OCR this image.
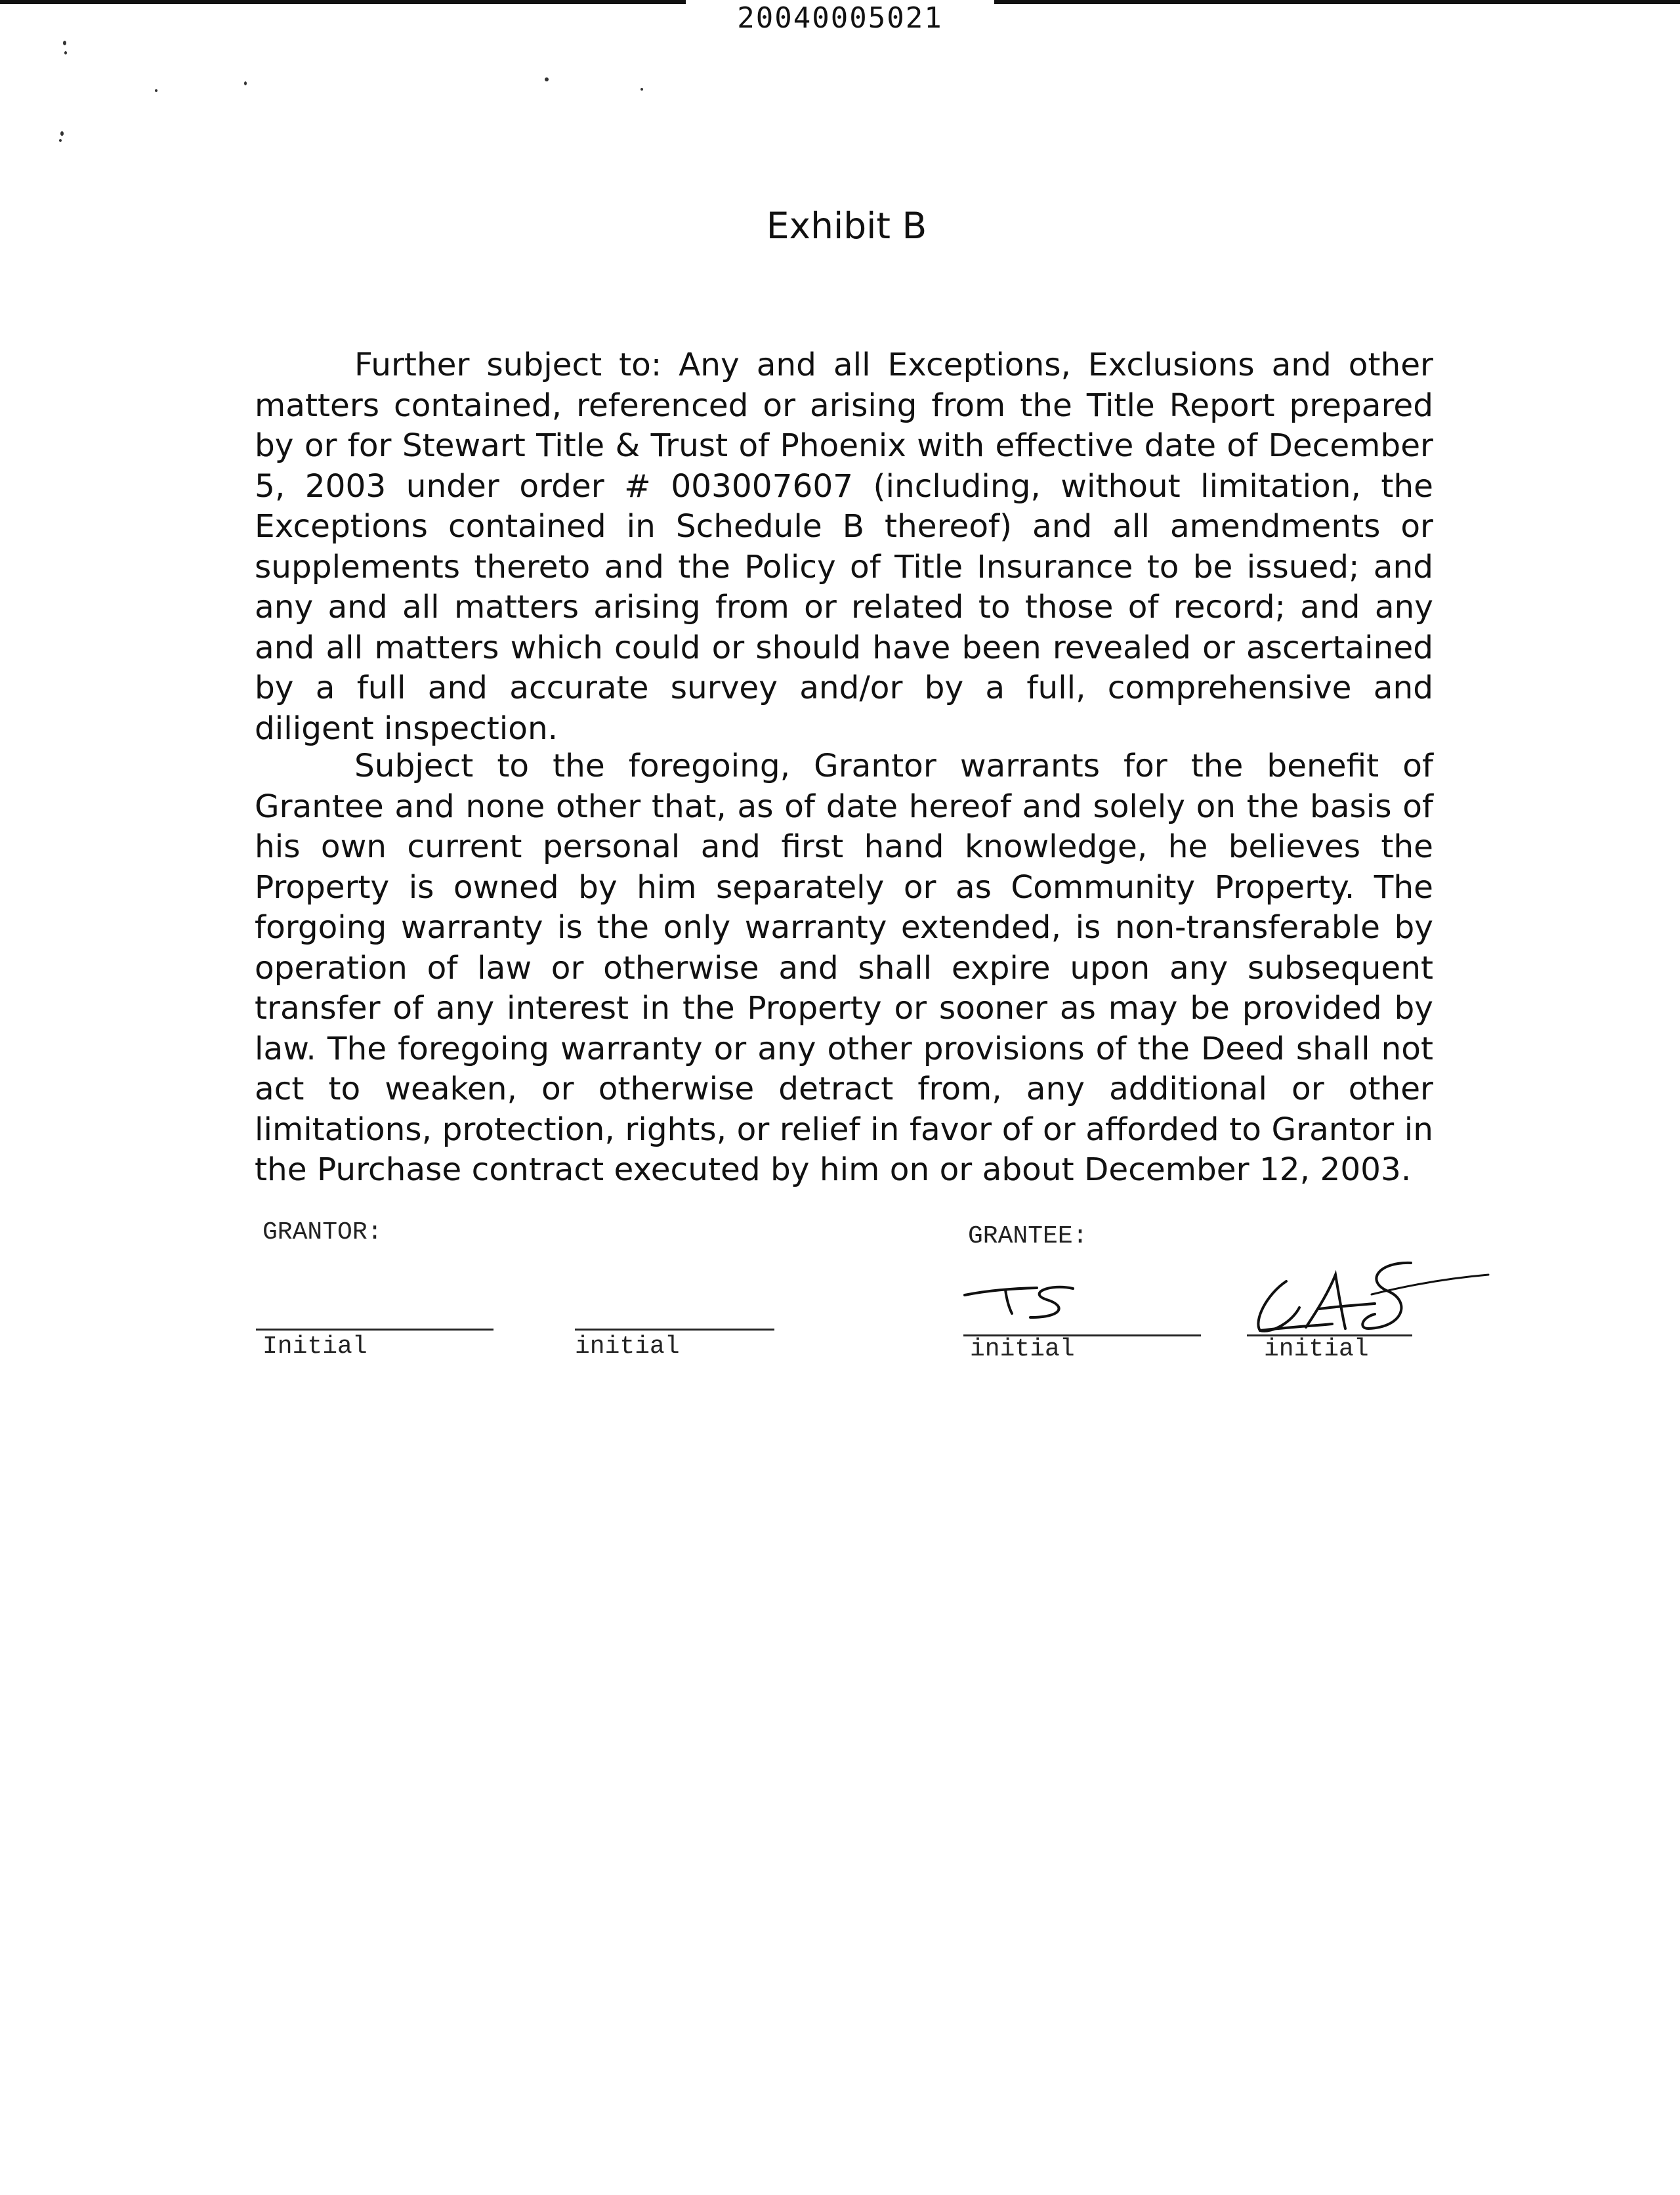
20040005021
Exhibit B

Further subject to: Any and all Exceptions, Exclusions and other matters contained, referenced or arising from the Title Report prepared by or for Stewart Title & Trust of Phoenix with effective date of December 5, 2003 under order # 003007607 (including, without limitation, the Exceptions contained in Schedule B thereof) and all amendments or supplements thereto and the Policy of Title Insurance to be issued; and any and all matters arising from or related to those of record; and any and all matters which could or should have been revealed or ascertained by a full and accurate survey and/or by a full, comprehensive and diligent inspection.

Subject to the foregoing, Grantor warrants for the benefit of Grantee and none other that, as of date hereof and solely on the basis of his own current personal and first hand knowledge, he believes the Property is owned by him separately or as Community Property. The forgoing warranty is the only warranty extended, is non-transferable by operation of law or otherwise and shall expire upon any subsequent transfer of any interest in the Property or sooner as may be provided by law. The foregoing warranty or any other provisions of the Deed shall not act to weaken, or otherwise detract from, any additional or other limitations, protection, rights, or relief in favor of or afforded to Grantor in the Purchase contract executed by him on or about December 12, 2003.

GRANTOR:
Initial	initial
GRANTEE:
initial	initial
